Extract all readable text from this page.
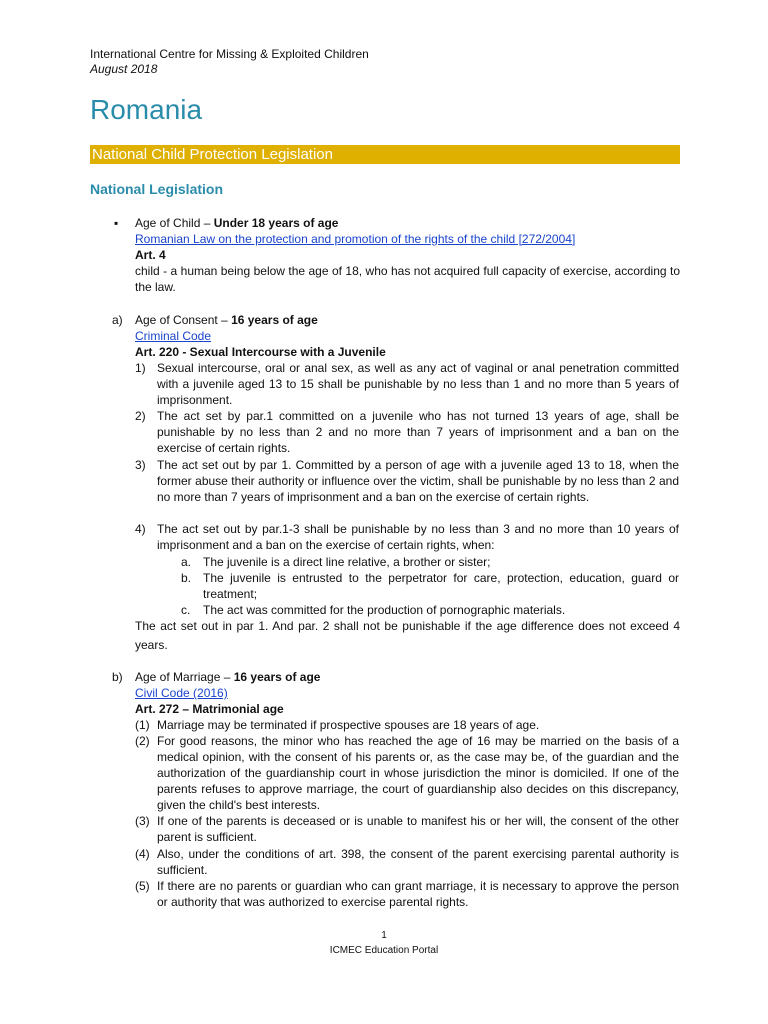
International Centre for Missing & Exploited Children
August 2018
Romania
National Child Protection Legislation
National Legislation
▪ Age of Child – Under 18 years of age
Romanian Law on the protection and promotion of the rights of the child [272/2004]
Art. 4
child - a human being below the age of 18, who has not acquired full capacity of exercise, according to the law.
a) Age of Consent – 16 years of age
Criminal Code
Art. 220 - Sexual Intercourse with a Juvenile
1) Sexual intercourse, oral or anal sex, as well as any act of vaginal or anal penetration committed with a juvenile aged 13 to 15 shall be punishable by no less than 1 and no more than 5 years of imprisonment.
2) The act set by par.1 committed on a juvenile who has not turned 13 years of age, shall be punishable by no less than 2 and no more than 7 years of imprisonment and a ban on the exercise of certain rights.
3) The act set out by par 1. Committed by a person of age with a juvenile aged 13 to 18, when the former abuse their authority or influence over the victim, shall be punishable by no less than 2 and no more than 7 years of imprisonment and a ban on the exercise of certain rights.
4) The act set out by par.1-3 shall be punishable by no less than 3 and no more than 10 years of imprisonment and a ban on the exercise of certain rights, when:
a. The juvenile is a direct line relative, a brother or sister;
b. The juvenile is entrusted to the perpetrator for care, protection, education, guard or treatment;
c. The act was committed for the production of pornographic materials.
The act set out in par 1. And par. 2 shall not be punishable if the age difference does not exceed 4 years.
b) Age of Marriage – 16 years of age
Civil Code (2016)
Art. 272 – Matrimonial age
(1) Marriage may be terminated if prospective spouses are 18 years of age.
(2) For good reasons, the minor who has reached the age of 16 may be married on the basis of a medical opinion, with the consent of his parents or, as the case may be, of the guardian and the authorization of the guardianship court in whose jurisdiction the minor is domiciled. If one of the parents refuses to approve marriage, the court of guardianship also decides on this discrepancy, given the child's best interests.
(3) If one of the parents is deceased or is unable to manifest his or her will, the consent of the other parent is sufficient.
(4) Also, under the conditions of art. 398, the consent of the parent exercising parental authority is sufficient.
(5) If there are no parents or guardian who can grant marriage, it is necessary to approve the person or authority that was authorized to exercise parental rights.
1
ICMEC Education Portal
